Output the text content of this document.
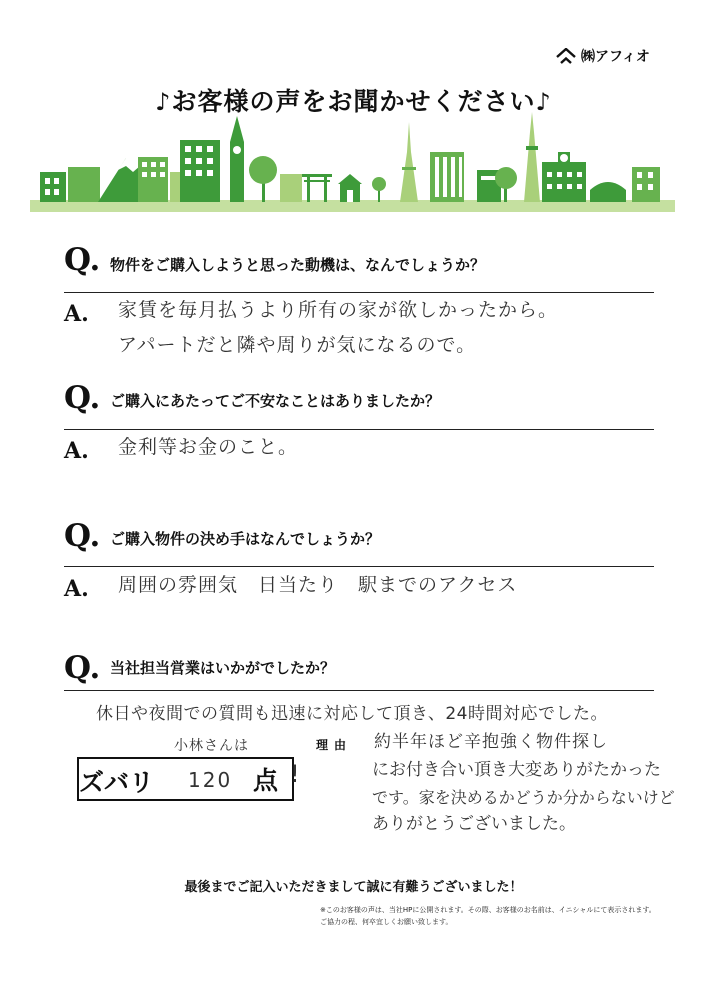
㈱アフィオ
♪お客様の声をお聞かせください♪
Q. 物件をご購入しようと思った動機は、なんでしょうか？
A. 家賃を毎月払うより所有の家が欲しかったから。
アパートだと隣や周りが気になるので。
Q. ご購入にあたってご不安なことはありましたか？
A. 金利等お金のこと。
Q. ご購入物件の決め手はなんでしょうか？
A. 周囲の雰囲気　日当たり　駅までのアクセス
Q. 当社担当営業はいかがでしたか？
休日や夜間での質問も迅速に対応して頂き、24時間対応でした。
小林さんは
ズバリ 120 点 !
理由 約半年ほど辛抱強く物件探し
にお付き合い頂き大変ありがたかった
です。家を決めるかどうか分からないけど
ありがとうございました。
最後までご記入いただきまして誠に有難うございました！
※このお客様の声は、当社HPに公開されます。その際、お客様のお名前は、イニシャルにて表示されます。
ご協力の程、何卒宜しくお願い致します。
